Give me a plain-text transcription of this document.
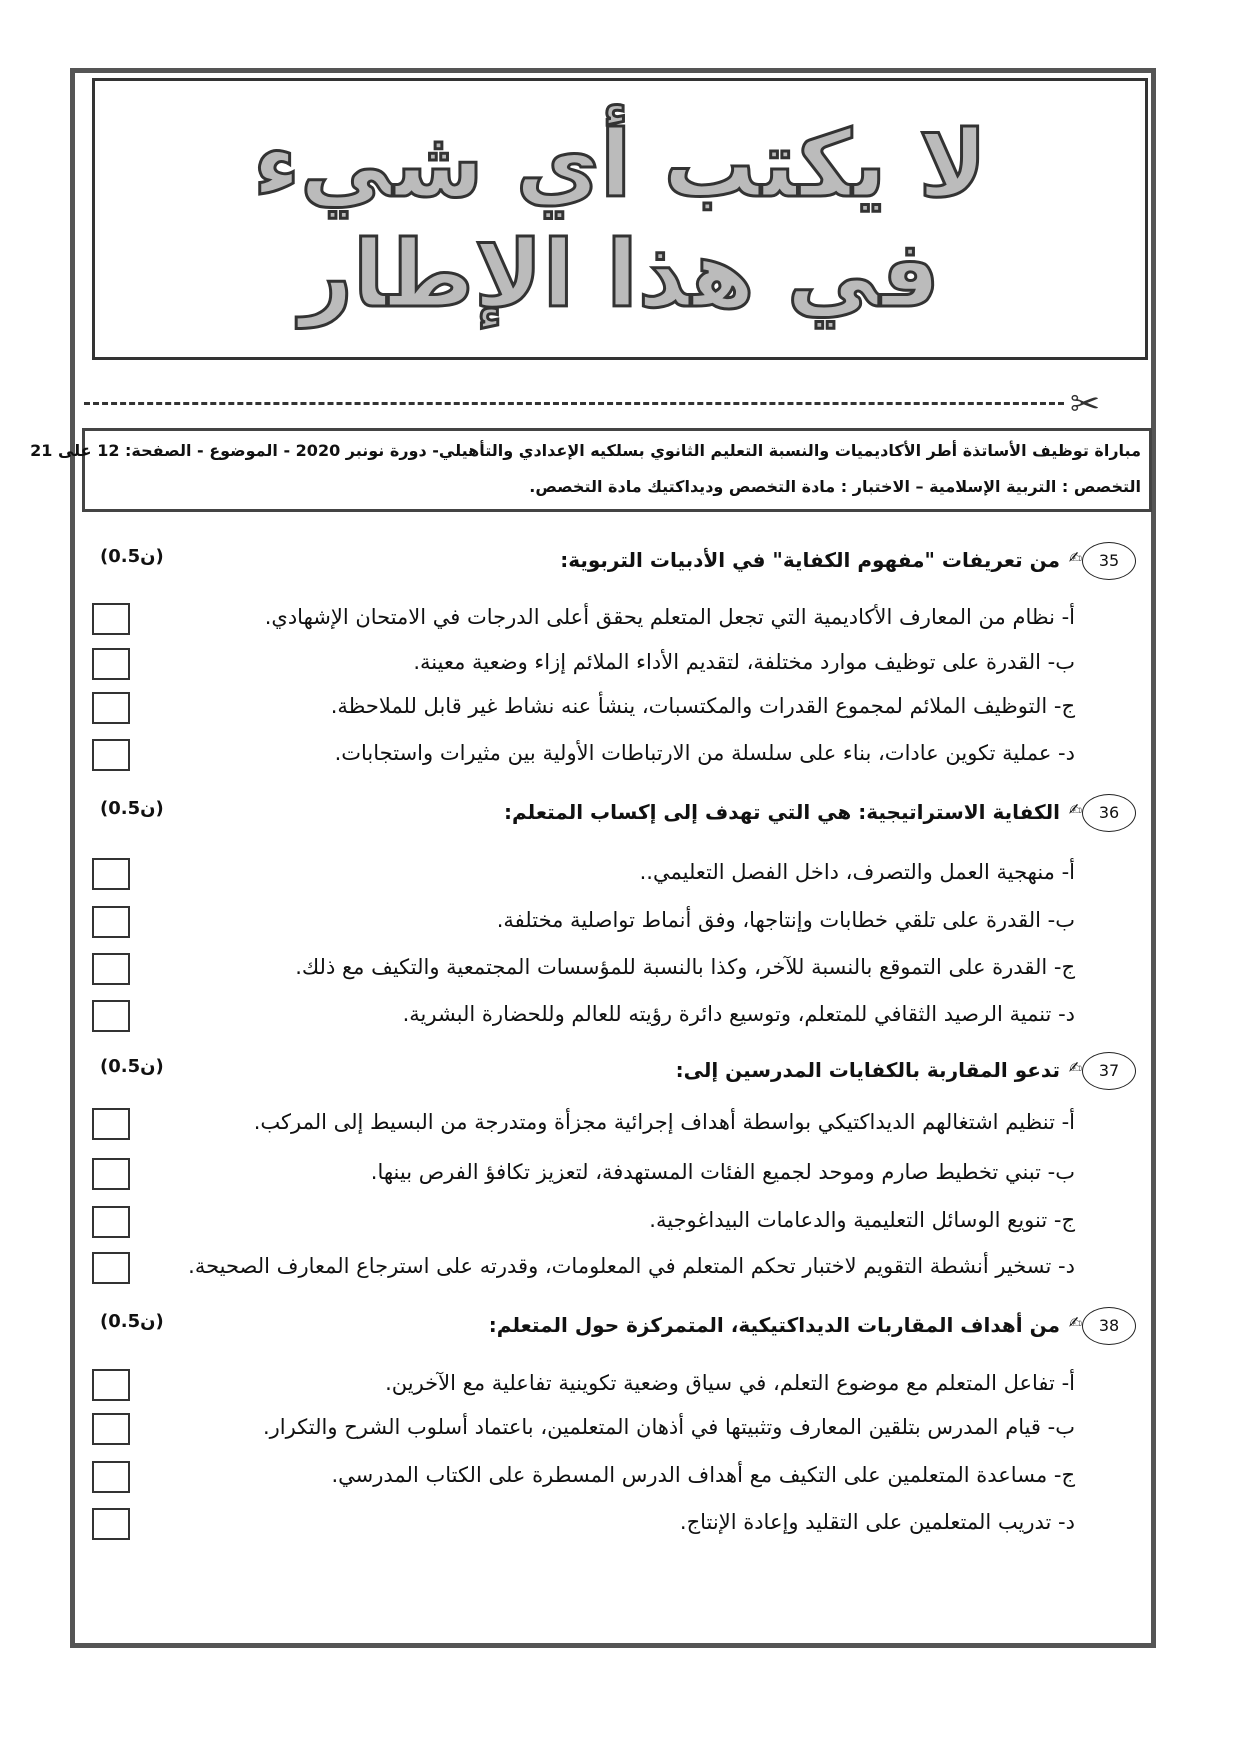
لا يكتب أي شيء
في هذا الإطار
✂
مباراة توظيف الأساتذة أطر الأكاديميات والنسبة التعليم الثانوي بسلكيه الإعدادي والتأهيلي- دورة نونبر 2020 - الموضوع - الصفحة: 12 على 21
التخصص : التربية الإسلامية – الاختبار : مادة التخصص وديداكتيك مادة التخصص.
35
من تعريفات "مفهوم الكفاية" في الأدبيات التربوية: ✍
(0.5ن)
أ- نظام من المعارف الأكاديمية التي تجعل المتعلم يحقق أعلى الدرجات في الامتحان الإشهادي.
ب- القدرة على توظيف موارد مختلفة، لتقديم الأداء الملائم إزاء وضعية معينة.
ج- التوظيف الملائم لمجموع القدرات والمكتسبات، ينشأ عنه نشاط غير قابل للملاحظة.
د- عملية تكوين عادات، بناء على سلسلة من الارتباطات الأولية بين مثيرات واستجابات.
36
الكفاية الاستراتيجية: هي التي تهدف إلى إكساب المتعلم: ✍
(0.5ن)
أ- منهجية العمل والتصرف، داخل الفصل التعليمي..
ب- القدرة على تلقي خطابات وإنتاجها، وفق أنماط تواصلية مختلفة.
ج- القدرة على التموقع بالنسبة للآخر، وكذا بالنسبة للمؤسسات المجتمعية والتكيف مع ذلك.
د- تنمية الرصيد الثقافي للمتعلم، وتوسيع دائرة رؤيته للعالم وللحضارة البشرية.
37
تدعو المقاربة بالكفايات المدرسين إلى: ✍
(0.5ن)
أ- تنظيم اشتغالهم الديداكتيكي بواسطة أهداف إجرائية مجزأة ومتدرجة من البسيط إلى المركب.
ب- تبني تخطيط صارم وموحد لجميع الفئات المستهدفة، لتعزيز تكافؤ الفرص بينها.
ج- تنويع الوسائل التعليمية والدعامات البيداغوجية.
د- تسخير أنشطة التقويم لاختبار تحكم المتعلم في المعلومات، وقدرته على استرجاع المعارف الصحيحة.
38
من أهداف المقاربات الديداكتيكية، المتمركزة حول المتعلم: ✍
(0.5ن)
أ- تفاعل المتعلم مع موضوع التعلم، في سياق وضعية تكوينية تفاعلية مع الآخرين.
ب- قيام المدرس بتلقين المعارف وتثبيتها في أذهان المتعلمين، باعتماد أسلوب الشرح والتكرار.
ج- مساعدة المتعلمين على التكيف مع أهداف الدرس المسطرة على الكتاب المدرسي.
د- تدريب المتعلمين على التقليد وإعادة الإنتاج.
